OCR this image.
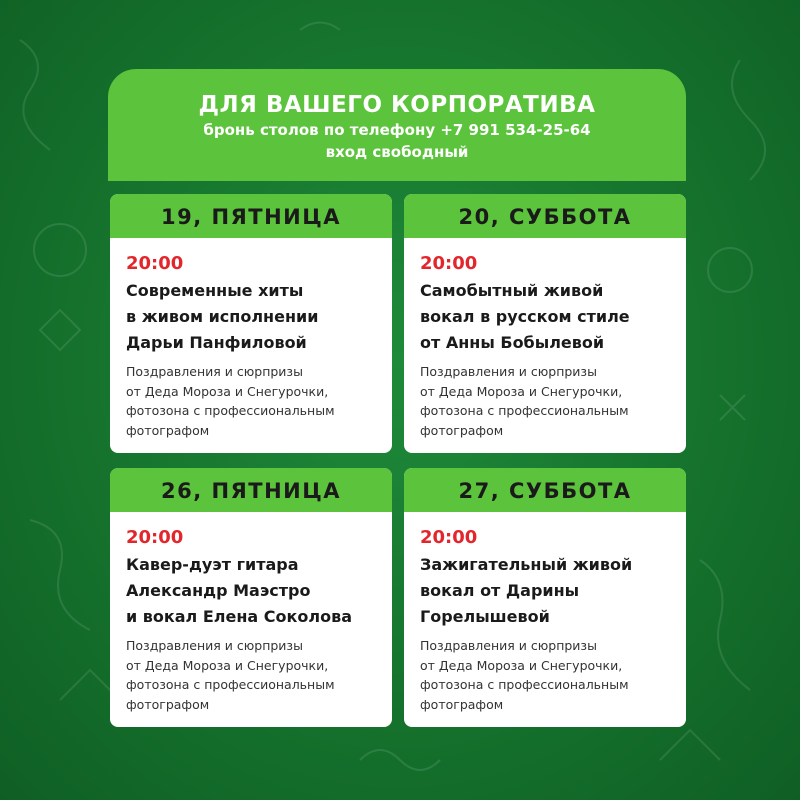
ДЛЯ ВАШЕГО КОРПОРАТИВА
бронь столов по телефону +7 991 534-25-64
вход свободный
19, ПЯТНИЦА
20:00
Современные хиты
в живом исполнении
Дарьи Панфиловой
Поздравления и сюрпризы
от Деда Мороза и Снегурочки,
фотозона с профессиональным
фотографом
20, СУББОТА
20:00
Самобытный живой
вокал в русском стиле
от Анны Бобылевой
Поздравления и сюрпризы
от Деда Мороза и Снегурочки,
фотозона с профессиональным
фотографом
26, ПЯТНИЦА
20:00
Кавер-дуэт гитара
Александр Маэстро
и вокал Елена Соколова
Поздравления и сюрпризы
от Деда Мороза и Снегурочки,
фотозона с профессиональным
фотографом
27, СУББОТА
20:00
Зажигательный живой
вокал от Дарины
Горелышевой
Поздравления и сюрпризы
от Деда Мороза и Снегурочки,
фотозона с профессиональным
фотографом
